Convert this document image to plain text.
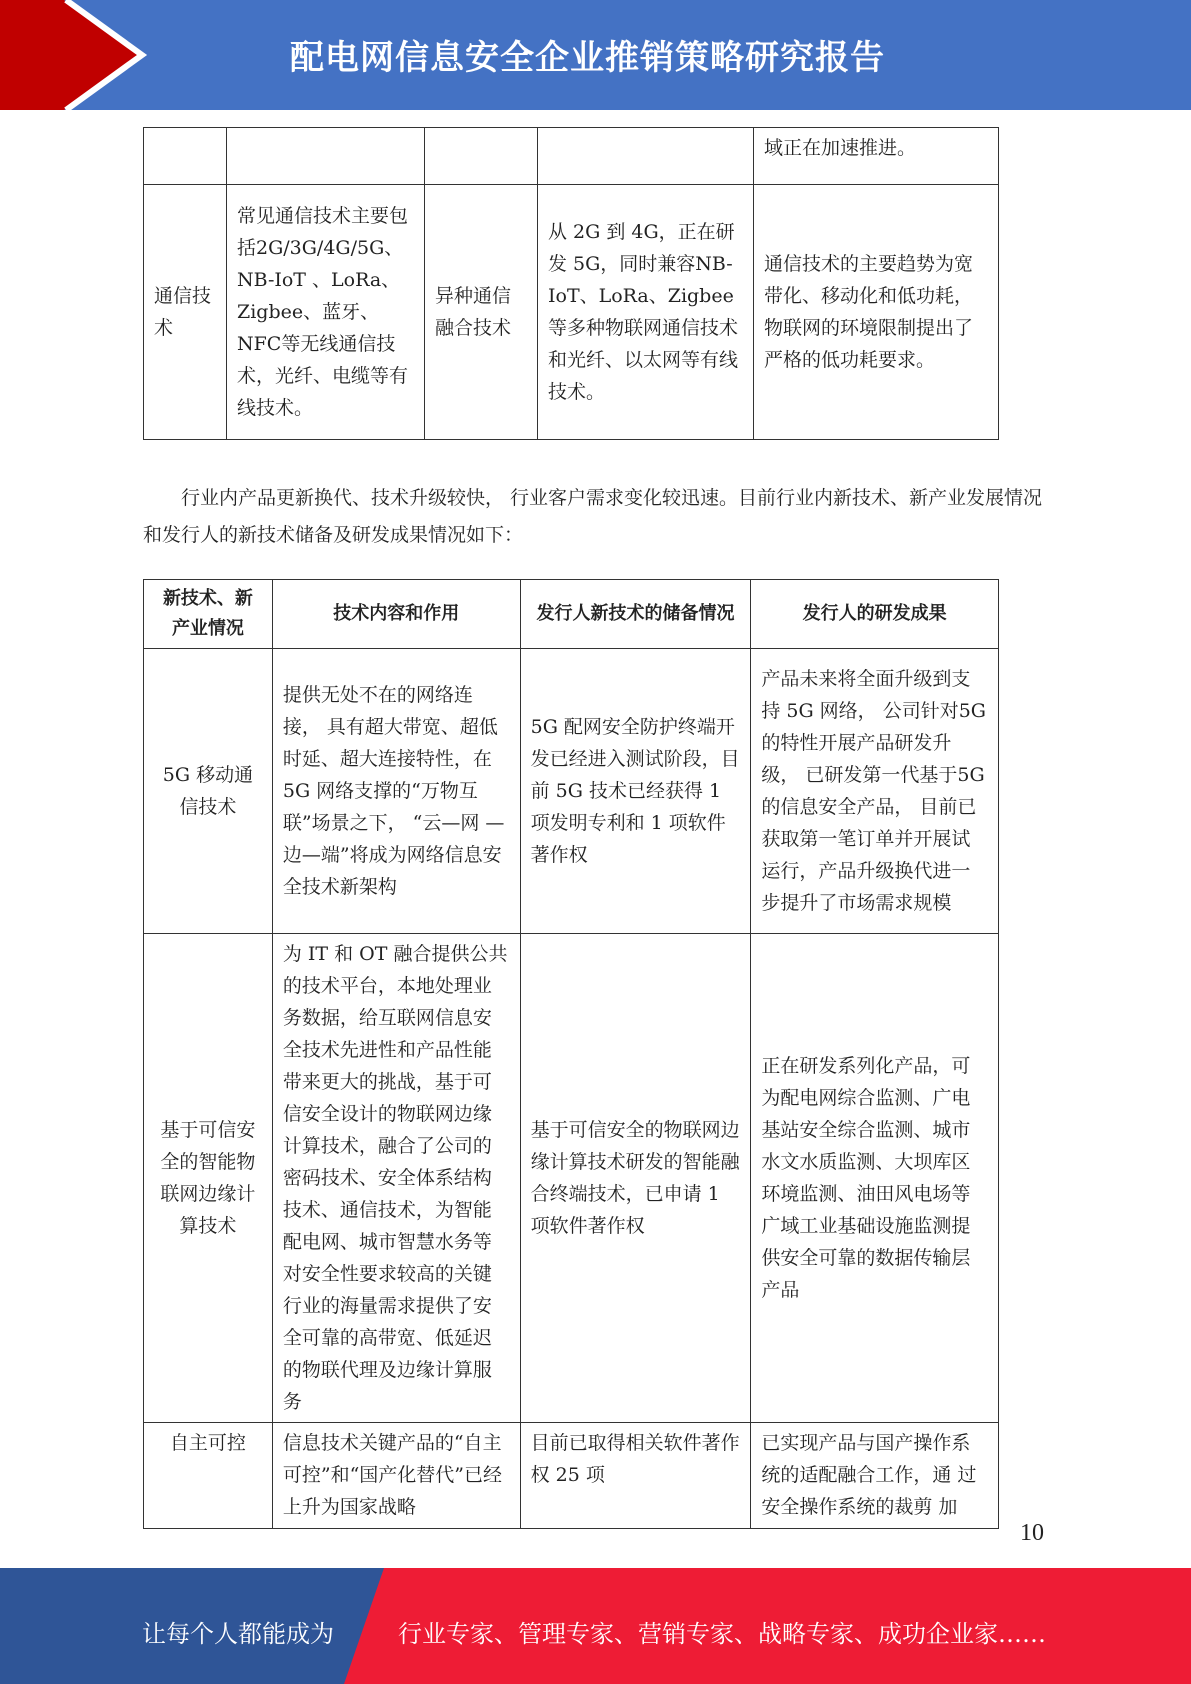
配电网信息安全企业推销策略研究报告
				域正在加速推进。
通信技术	常见通信技术主要包括2G/3G/4G/5G、NB-IoT 、LoRa、Zigbee、蓝牙、 NFC等无线通信技术，光纤、电缆等有线技术。	异种通信融合技术	从 2G 到 4G，正在研发 5G，同时兼容NB-IoT、LoRa、Zigbee等多种物联网通信技术和光纤、以太网等有线技术。	通信技术的主要趋势为宽带化、移动化和低功耗，物联网的环境限制提出了严格的低功耗要求。
行业内产品更新换代、技术升级较快， 行业客户需求变化较迅速。目前行业内新技术、新产业发展情况和发行人的新技术储备及研发成果情况如下：
新技术、新产业情况	技术内容和作用	发行人新技术的储备情况	发行人的研发成果
5G 移动通 信技术	提供无处不在的网络连接， 具有超大带宽、超低时延、超大连接特性，在5G 网络支撑的“万物互联”场景之下， “云—网 —边—端”将成为网络信息安全技术新架构	5G 配网安全防护终端开发已经进入测试阶段，目前 5G 技术已经获得 1 项发明专利和 1 项软件著作权	产品未来将全面升级到支持 5G 网络， 公司针对5G 的特性开展产品研发升级， 已研发第一代基于5G 的信息安全产品， 目前已获取第一笔订单并开展试运行，产品升级换代进一步提升了市场需求规模
基于可信安全的智能物联网边缘计算技术	为 IT 和 OT 融合提供公共的技术平台，本地处理业务数据，给互联网信息安全技术先进性和产品性能带来更大的挑战，基于可信安全设计的物联网边缘计算技术，融合了公司的密码技术、安全体系结构技术、通信技术，为智能配电网、城市智慧水务等对安全性要求较高的关键行业的海量需求提供了安全可靠的高带宽、低延迟的物联代理及边缘计算服务	基于可信安全的物联网边缘计算技术研发的智能融合终端技术，已申请 1 项软件著作权	正在研发系列化产品，可为配电网综合监测、广电基站安全综合监测、城市水文水质监测、大坝库区环境监测、油田风电场等广域工业基础设施监测提供安全可靠的数据传输层产品
自主可控	信息技术关键产品的“自主可控”和“国产化替代”已经上升为国家战略	目前已取得相关软件著作权 25 项	已实现产品与国产操作系统的适配融合工作，通 过安全操作系统的裁剪 加
10
让每个人都能成为	行业专家、管理专家、营销专家、战略专家、成功企业家……
